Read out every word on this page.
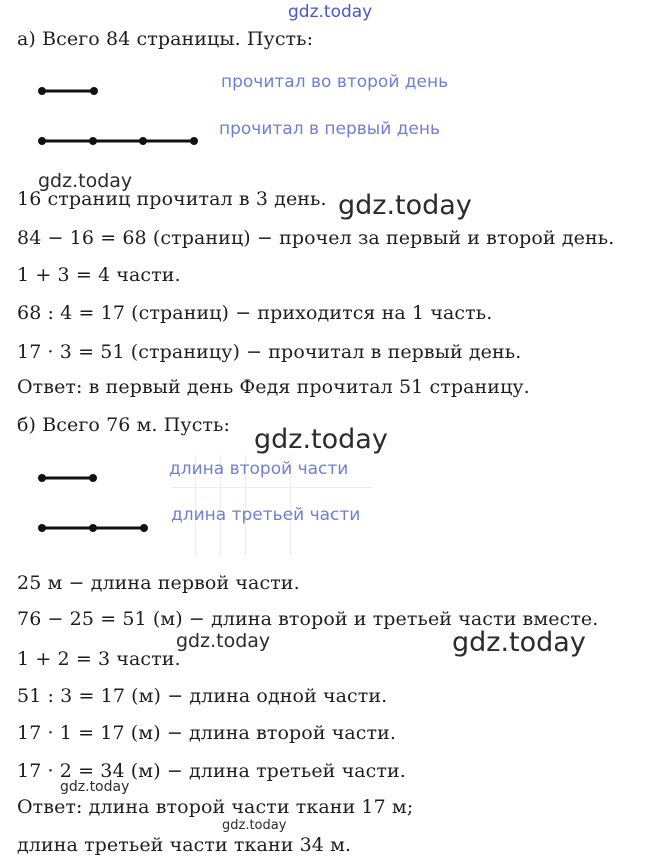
gdz.today
а) Всего 84 страницы. Пусть:
прочитал во второй день
прочитал в первый день
gdz.today
16 страниц прочитал в 3 день. gdz.today
84 − 16 = 68 (страниц) − прочел за первый и второй день.
1 + 3 = 4 части.
68 : 4 = 17 (страниц) − приходится на 1 часть.
17 · 3 = 51 (страницу) − прочитал в первый день.
Ответ: в первый день Федя прочитал 51 страницу.
б) Всего 76 м. Пусть: gdz.today
длина второй части
длина третьей части
25 м − длина первой части.
76 − 25 = 51 (м) − длина второй и третьей части вместе.
gdz.today	gdz.today
1 + 2 = 3 части.
51 : 3 = 17 (м) − длина одной части.
17 · 1 = 17 (м) − длина второй части.
17 · 2 = 34 (м) − длина третьей части.
gdz.today
Ответ: длина второй части ткани 17 м;
gdz.today
длина третьей части ткани 34 м.
